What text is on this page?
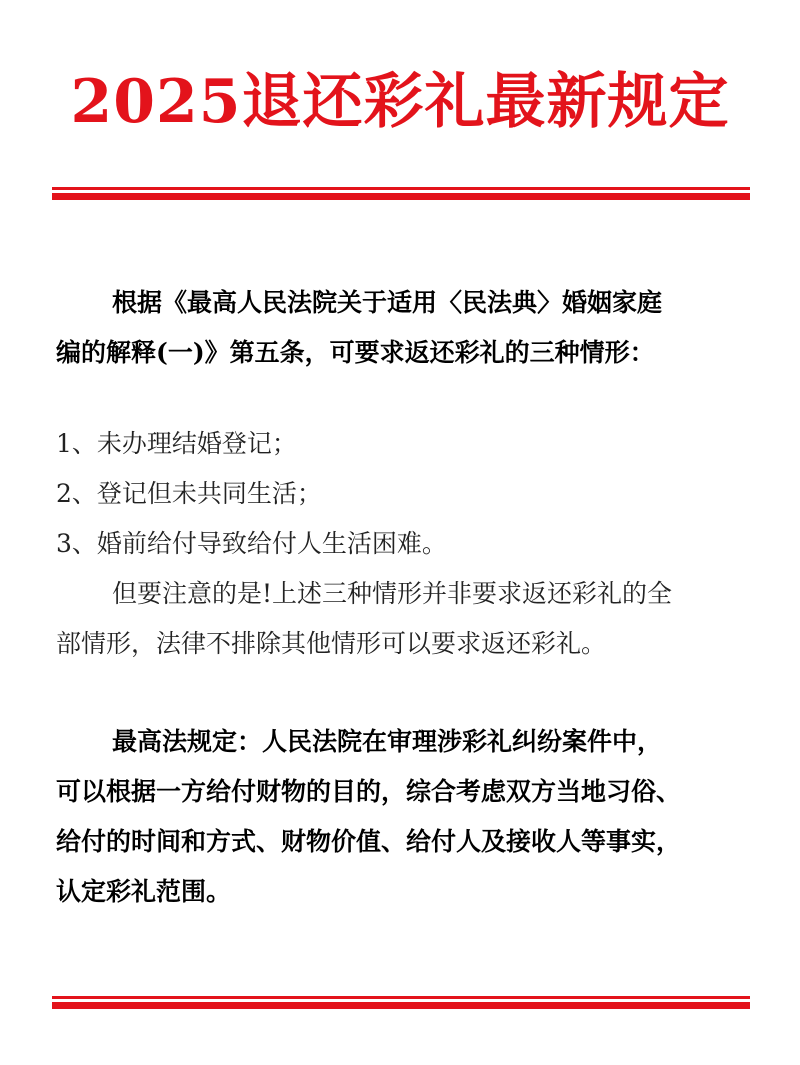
2025退还彩礼最新规定
根据《最高人民法院关于适用〈民法典〉婚姻家庭
编的解释(一)》第五条，可要求返还彩礼的三种情形：
1、未办理结婚登记；
2、登记但未共同生活；
3、婚前给付导致给付人生活困难。
但要注意的是!上述三种情形并非要求返还彩礼的全
部情形，法律不排除其他情形可以要求返还彩礼。
最高法规定：人民法院在审理涉彩礼纠纷案件中，
可以根据一方给付财物的目的，综合考虑双方当地习俗、
给付的时间和方式、财物价值、给付人及接收人等事实，
认定彩礼范围。
